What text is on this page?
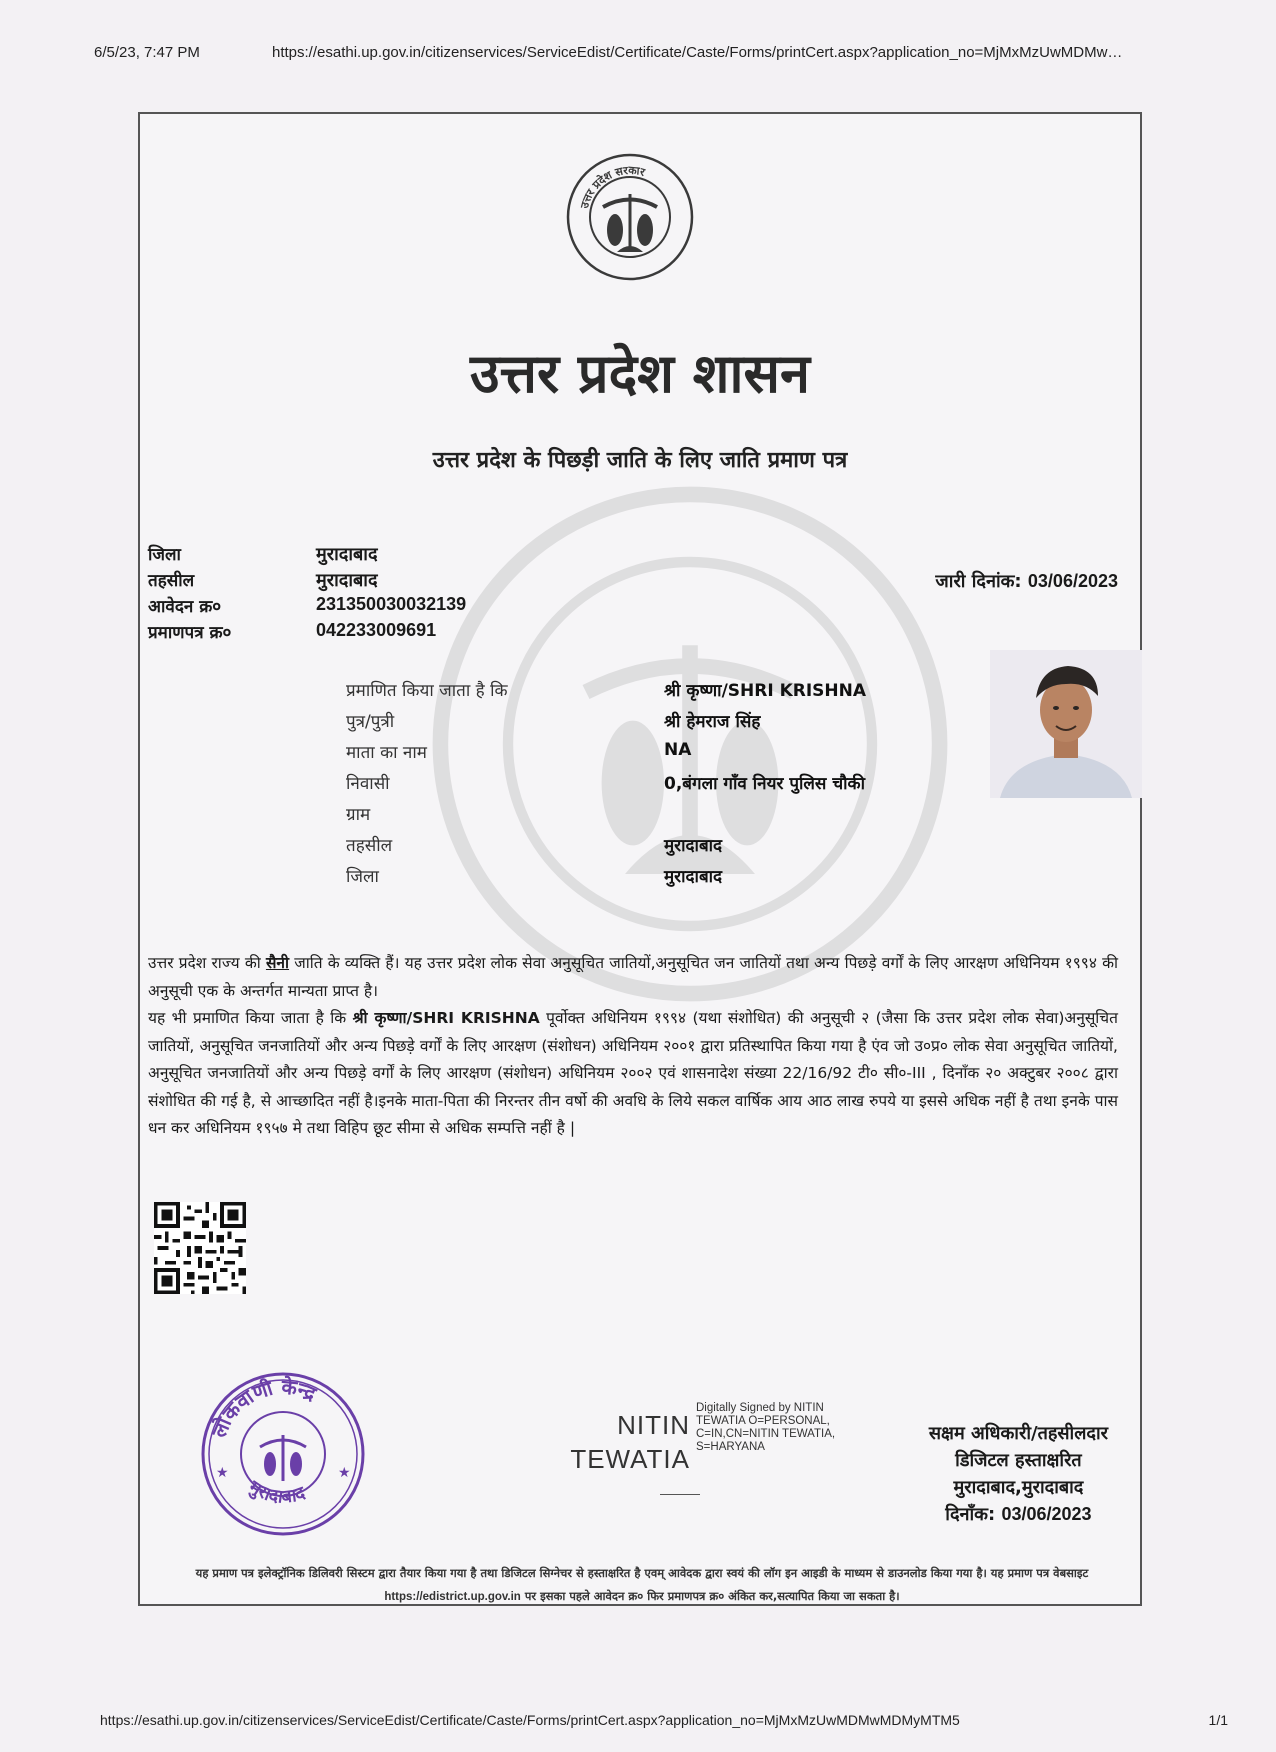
6/5/23, 7:47 PM	https://esathi.up.gov.in/citizenservices/ServiceEdist/Certificate/Caste/Forms/printCert.aspx?application_no=MjMxMzUwMDMw…
उत्तर प्रदेश सरकार
उत्तर प्रदेश शासन
उत्तर प्रदेश के पिछड़ी जाति के लिए जाति प्रमाण पत्र
जिला	मुरादाबाद
तहसील	मुरादाबाद
आवेदन क्र०	231350030032139
प्रमाणपत्र क्र०	042233009691
जारी दिनांक: 03/06/2023
प्रमाणित किया जाता है कि	श्री कृष्णा/SHRI KRISHNA
पुत्र/पुत्री	श्री हेमराज सिंह
माता का नाम	NA
निवासी	0,बंगला गाँव नियर पुलिस चौकी
ग्राम
तहसील	मुरादाबाद
जिला	मुरादाबाद
उत्तर प्रदेश राज्य की सैनी जाति के व्यक्ति हैं। यह उत्तर प्रदेश लोक सेवा अनुसूचित जातियों,अनुसूचित जन जातियों तथा अन्य पिछड़े वर्गों के लिए आरक्षण अधिनियम १९९४ की अनुसूची एक के अन्तर्गत मान्यता प्राप्त है।
यह भी प्रमाणित किया जाता है कि श्री कृष्णा/SHRI KRISHNA पूर्वोक्त अधिनियम १९९४ (यथा संशोधित) की अनुसूची २ (जैसा कि उत्तर प्रदेश लोक सेवा)अनुसूचित जातियों, अनुसूचित जनजातियों और अन्य पिछड़े वर्गों के लिए आरक्षण (संशोधन) अधिनियम २००१ द्वारा प्रतिस्थापित किया गया है एंव जो उ०प्र० लोक सेवा अनुसूचित जातियों, अनुसूचित जनजातियों और अन्य पिछड़े वर्गों के लिए आरक्षण (संशोधन) अधिनियम २००२ एवं शासनादेश संख्या 22/16/92 टी० सी०-III , दिनाँक २० अक्टुबर २००८ द्वारा संशोधित की गई है, से आच्छादित नहीं है।इनके माता-पिता की निरन्तर तीन वर्षो की अवधि के लिये सकल वार्षिक आय आठ लाख रुपये या इससे अधिक नहीं है तथा इनके पास धन कर अधिनियम १९५७ मे तथा विहिप छूट सीमा से अधिक सम्पत्ति नहीं है |
लोकवाणी केन्द्र
मुरादाबाद
★	★
NITIN
TEWATIA
Digitally Signed by NITIN TEWATIA O=PERSONAL, C=IN,CN=NITIN TEWATIA, S=HARYANA
सक्षम अधिकारी/तहसीलदार
डिजिटल हस्ताक्षरित
मुरादाबाद,मुरादाबाद
दिनाँक: 03/06/2023
यह प्रमाण पत्र इलेक्ट्रॉनिक डिलिवरी सिस्टम द्वारा तैयार किया गया है तथा डिजिटल सिग्नेचर से हस्ताक्षरित है एवम् आवेदक द्वारा स्वयं की लॉग इन आइडी के माध्यम से डाउनलोड किया गया है। यह प्रमाण पत्र वेबसाइट https://edistrict.up.gov.in पर इसका पहले आवेदन क्र० फिर प्रमाणपत्र क्र० अंकित कर,सत्यापित किया जा सकता है।
https://esathi.up.gov.in/citizenservices/ServiceEdist/Certificate/Caste/Forms/printCert.aspx?application_no=MjMxMzUwMDMwMDMyMTM5	1/1
